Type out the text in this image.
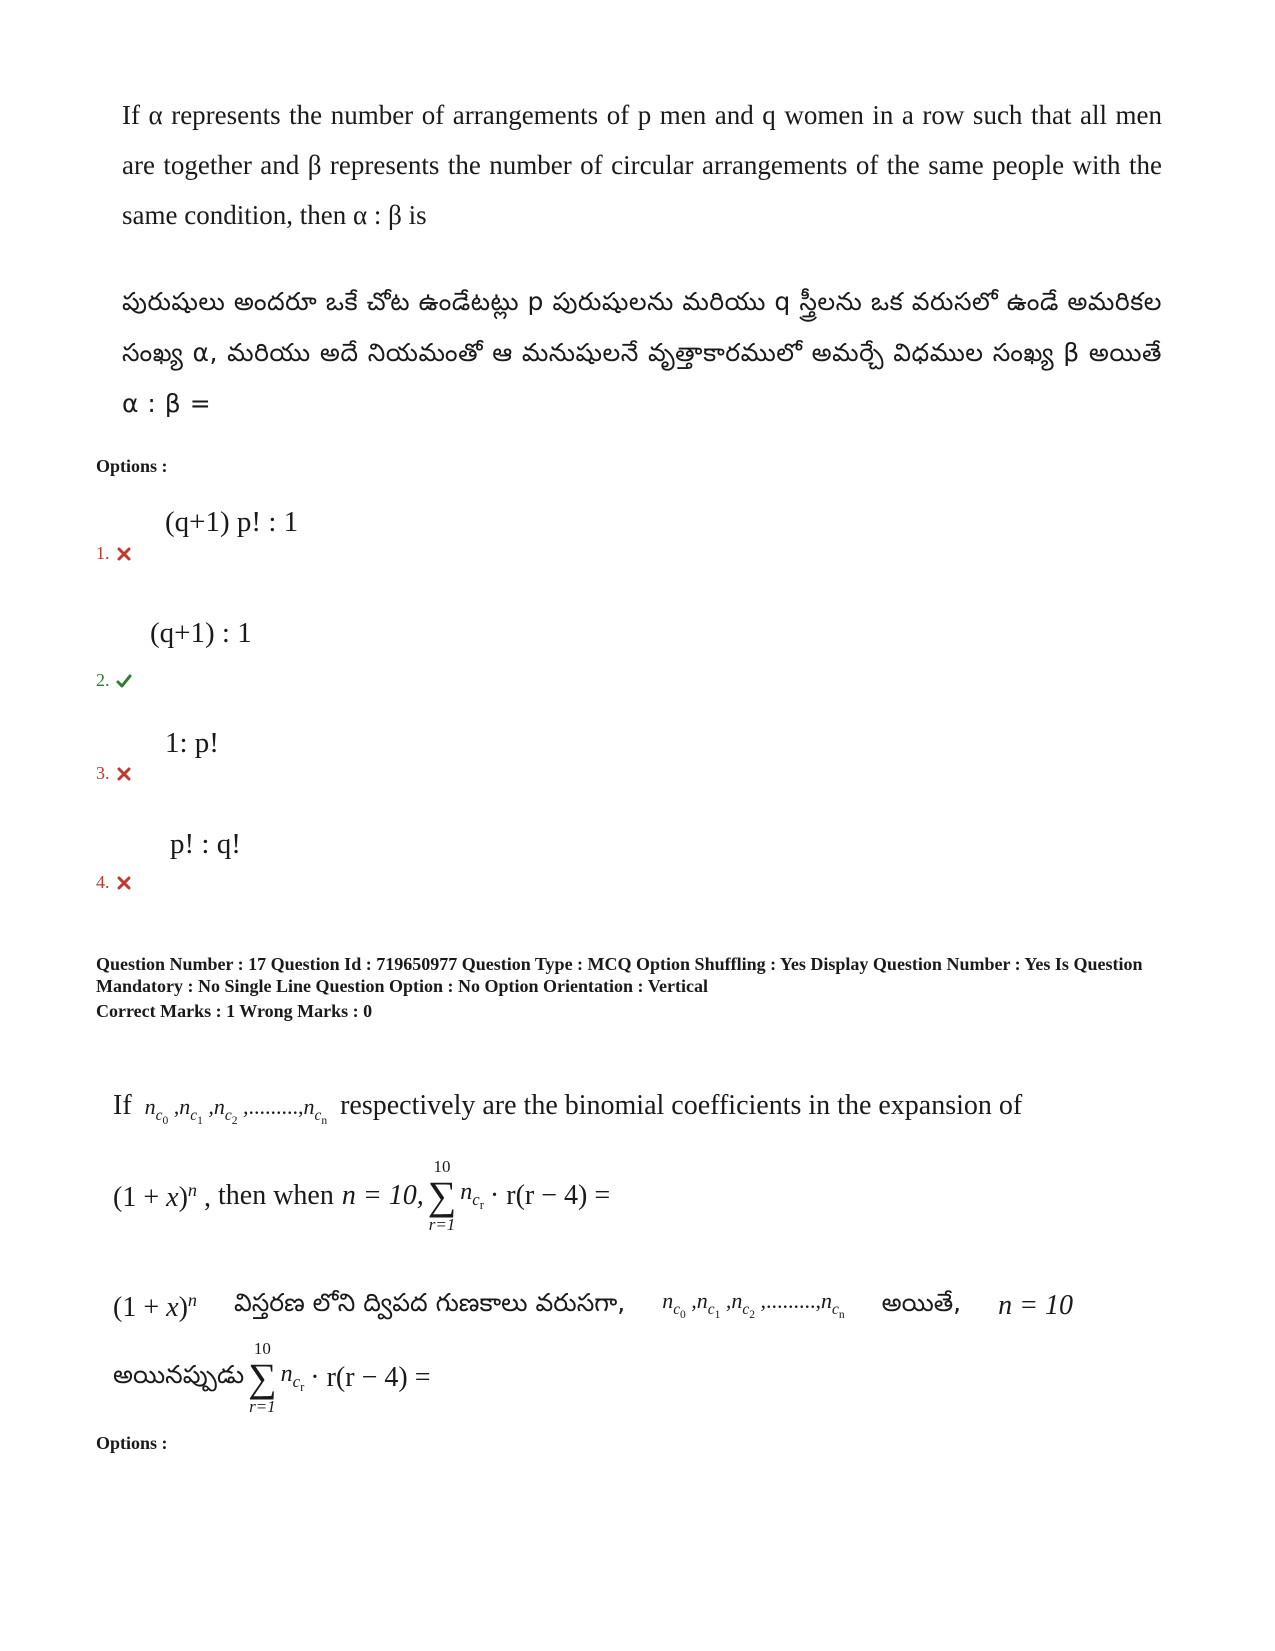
If α represents the number of arrangements of p men and q women in a row such that all men are together and β represents the number of circular arrangements of the same people with the same condition, then α : β is
పురుషులు అందరూ ఒకే చోట ఉండేటట్లు p పురుషులను మరియు q స్త్రీలను ఒక వరుసలో ఉండే అమరికల సంఖ్య α, మరియు అదే నియమంతో ఆ మనుషులనే వృత్తాకారములో అమర్చే విధముల సంఖ్య β అయితే α : β =
Options :
(q+1) p! : 1
1.
(q+1) : 1
2.
1: p!
3.
p! : q!
4.
Question Number : 17 Question Id : 719650977 Question Type : MCQ Option Shuffling : Yes Display Question Number : Yes Is Question Mandatory : No Single Line Question Option : No Option Orientation : Vertical
Correct Marks : 1 Wrong Marks : 0
If $n_{c_0}$ $,n_{c_1}$ $,n_{c_2}$ $,.........,n_{c_n}$ respectively are the binomial coefficients in the expansion of
$(1 + x)^n$ , then when n = 10,
10
∑
r=1
$n_{c_r} \cdot r(r - 4)$ =
$(1 + x)^n$ విస్తరణ లోని ద్విపద గుణకాలు వరుసగా, $n_{c_0}$ $,n_{c_1}$ $,n_{c_2}$ $,.........,n_{c_n}$ అయితే, n = 10
అయినప్పుడు
10
∑
r=1
$n_{c_r} \cdot r(r - 4)$ =
Options :
